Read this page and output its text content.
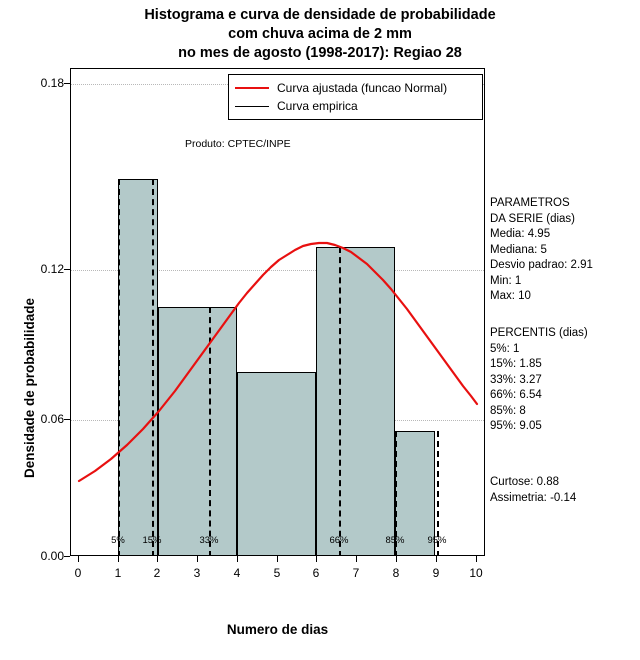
Histograma e curva de densidade de probabilidade
com chuva acima de 2 mm
no mes de agosto (1998-2017): Regiao 28
Densidade de probabilidade
0.00
0.06
0.12
0.18
5% 15%	33%	66%	85% 95%
Curva ajustada (funcao Normal)
Curva empirica
Produto: CPTEC/INPE
0	1	2	3	4	5	6	7	8	9	10
Numero de dias
PARAMETROS
DA SERIE (dias)
Media: 4.95
Mediana: 5
Desvio padrao: 2.91
Min: 1
Max: 10
PERCENTIS (dias)
5%: 1
15%: 1.85
33%: 3.27
66%: 6.54
85%: 8
95%: 9.05
Curtose: 0.88
Assimetria: -0.14
